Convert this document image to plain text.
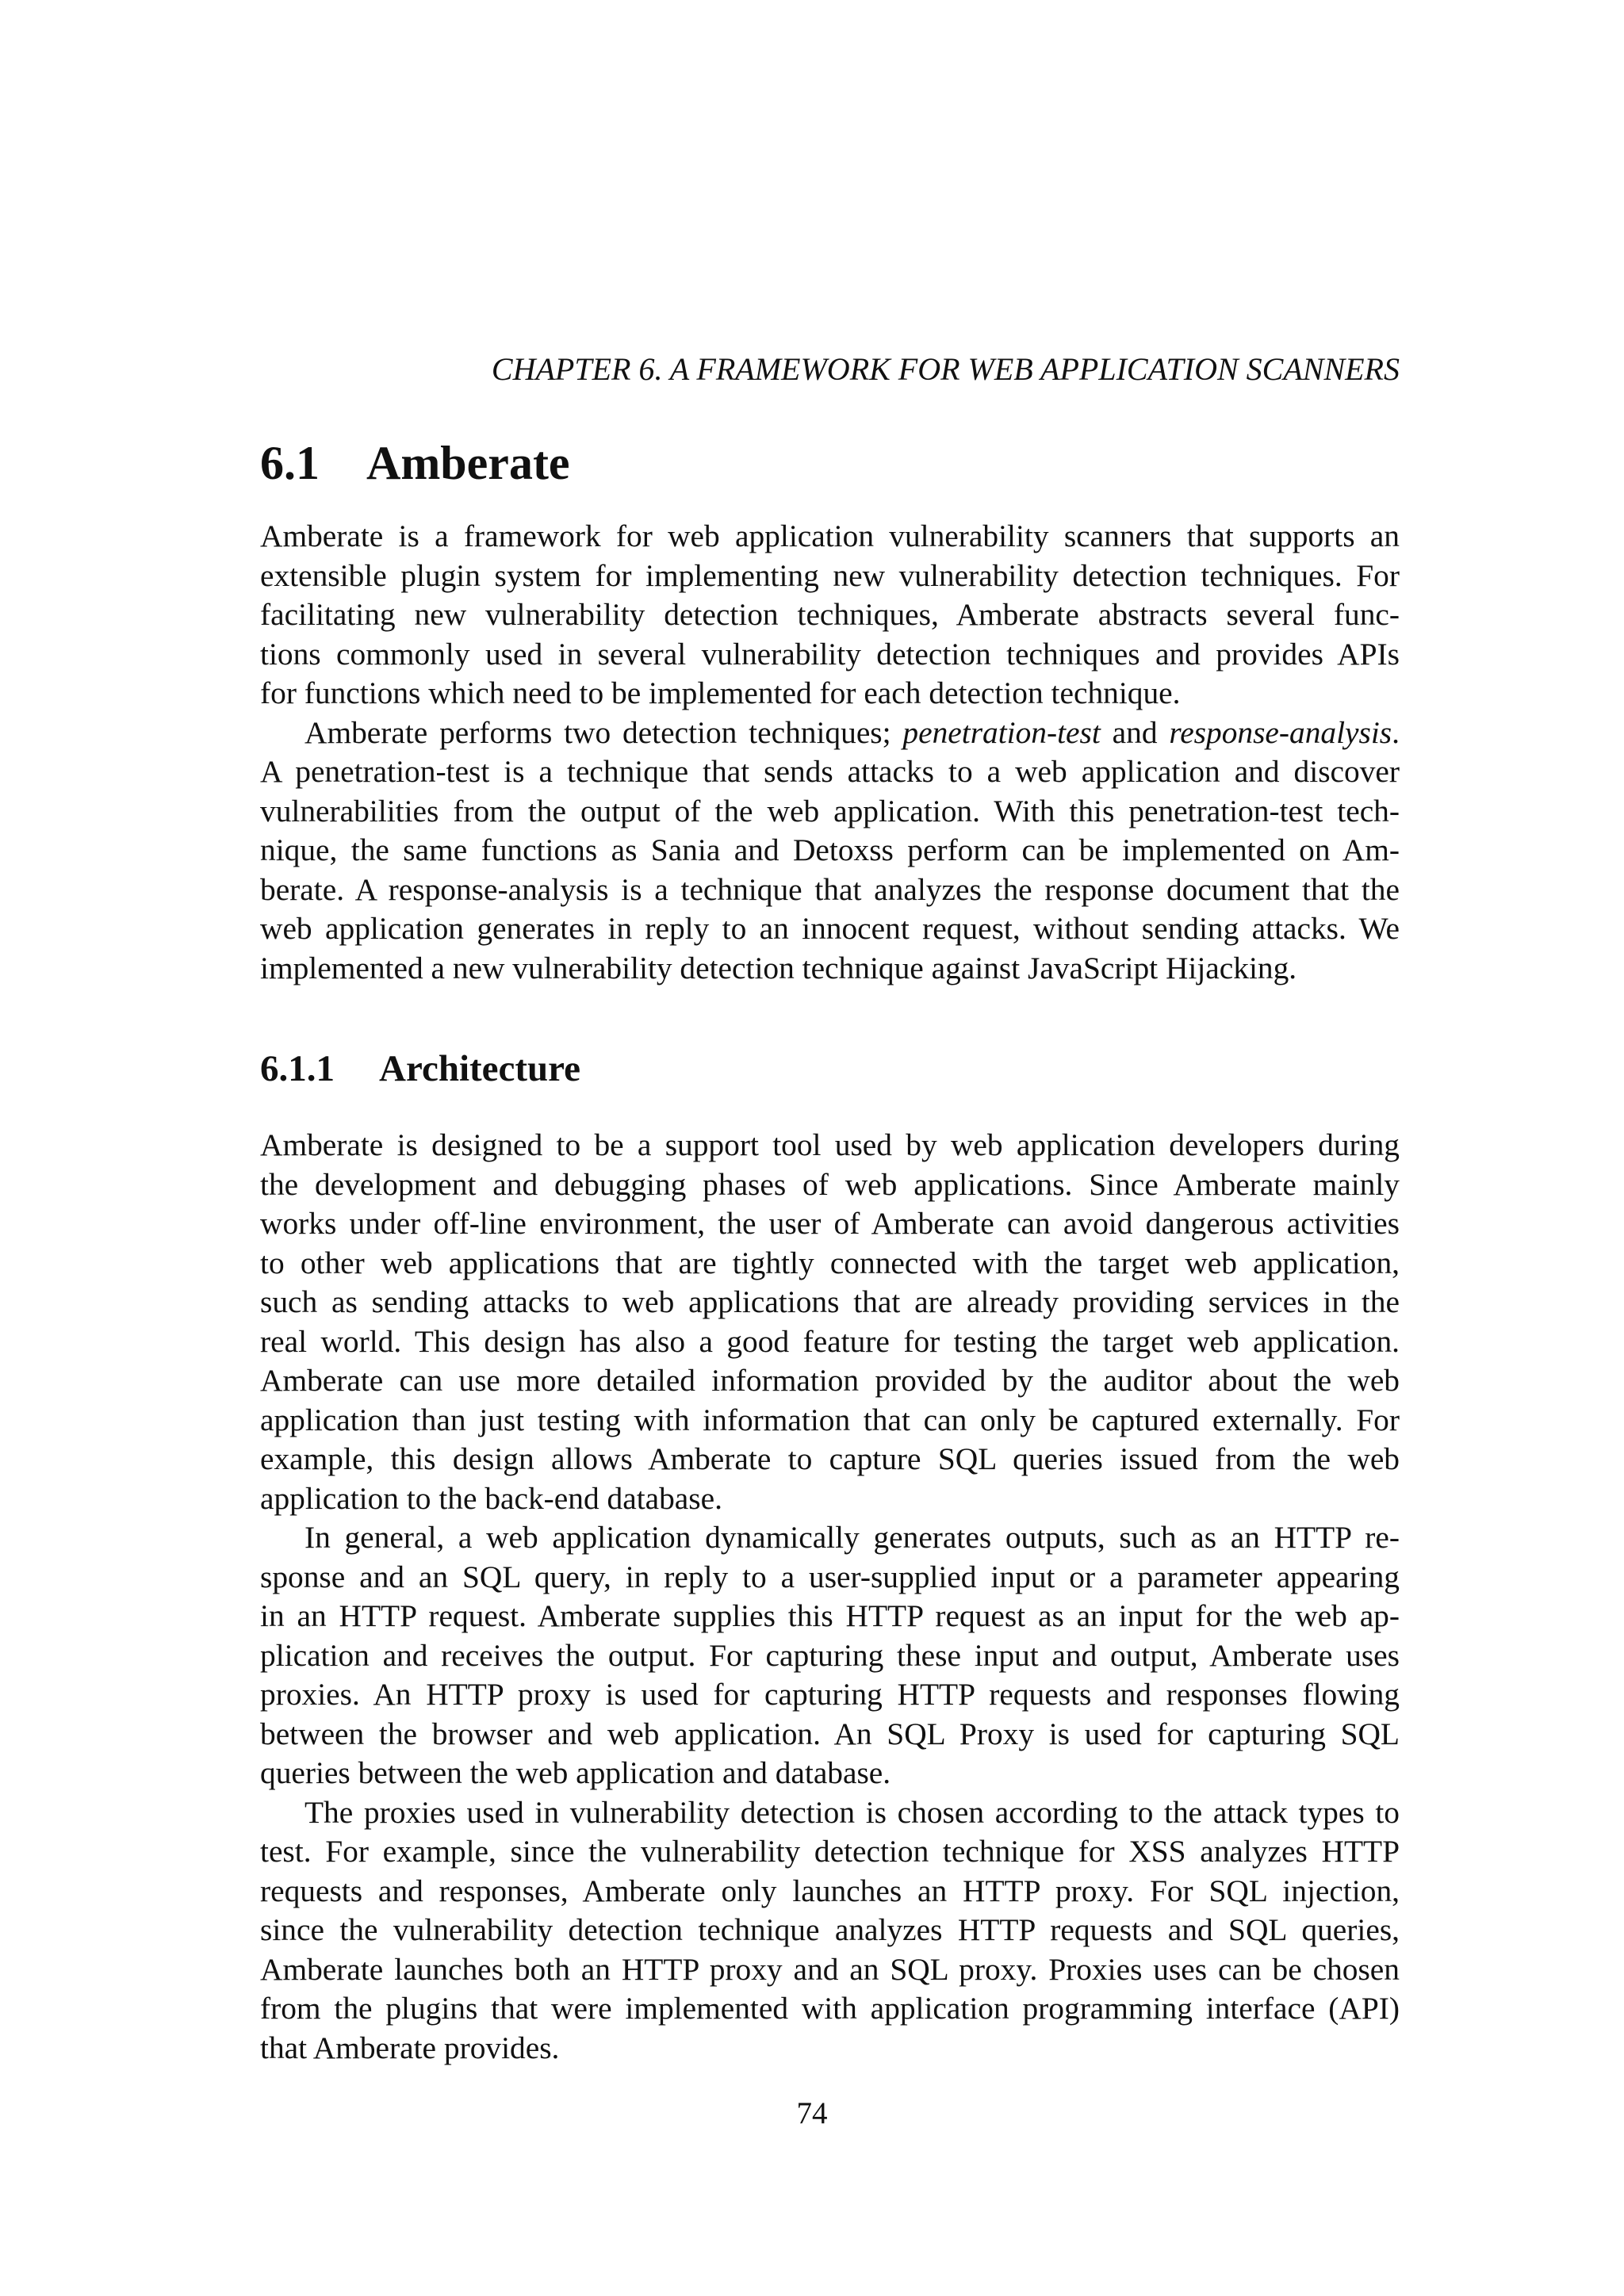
CHAPTER 6. A FRAMEWORK FOR WEB APPLICATION SCANNERS
6.1 Amberate
Amberate is a framework for web application vulnerability scanners that supports an
extensible plugin system for implementing new vulnerability detection techniques. For
facilitating new vulnerability detection techniques, Amberate abstracts several func-
tions commonly used in several vulnerability detection techniques and provides APIs
for functions which need to be implemented for each detection technique.
Amberate performs two detection techniques; penetration-test and response-analysis.
A penetration-test is a technique that sends attacks to a web application and discover
vulnerabilities from the output of the web application. With this penetration-test tech-
nique, the same functions as Sania and Detoxss perform can be implemented on Am-
berate. A response-analysis is a technique that analyzes the response document that the
web application generates in reply to an innocent request, without sending attacks. We
implemented a new vulnerability detection technique against JavaScript Hijacking.
6.1.1 Architecture
Amberate is designed to be a support tool used by web application developers during
the development and debugging phases of web applications. Since Amberate mainly
works under off-line environment, the user of Amberate can avoid dangerous activities
to other web applications that are tightly connected with the target web application,
such as sending attacks to web applications that are already providing services in the
real world. This design has also a good feature for testing the target web application.
Amberate can use more detailed information provided by the auditor about the web
application than just testing with information that can only be captured externally. For
example, this design allows Amberate to capture SQL queries issued from the web
application to the back-end database.
In general, a web application dynamically generates outputs, such as an HTTP re-
sponse and an SQL query, in reply to a user-supplied input or a parameter appearing
in an HTTP request. Amberate supplies this HTTP request as an input for the web ap-
plication and receives the output. For capturing these input and output, Amberate uses
proxies. An HTTP proxy is used for capturing HTTP requests and responses flowing
between the browser and web application. An SQL Proxy is used for capturing SQL
queries between the web application and database.
The proxies used in vulnerability detection is chosen according to the attack types to
test. For example, since the vulnerability detection technique for XSS analyzes HTTP
requests and responses, Amberate only launches an HTTP proxy. For SQL injection,
since the vulnerability detection technique analyzes HTTP requests and SQL queries,
Amberate launches both an HTTP proxy and an SQL proxy. Proxies uses can be chosen
from the plugins that were implemented with application programming interface (API)
that Amberate provides.
74
